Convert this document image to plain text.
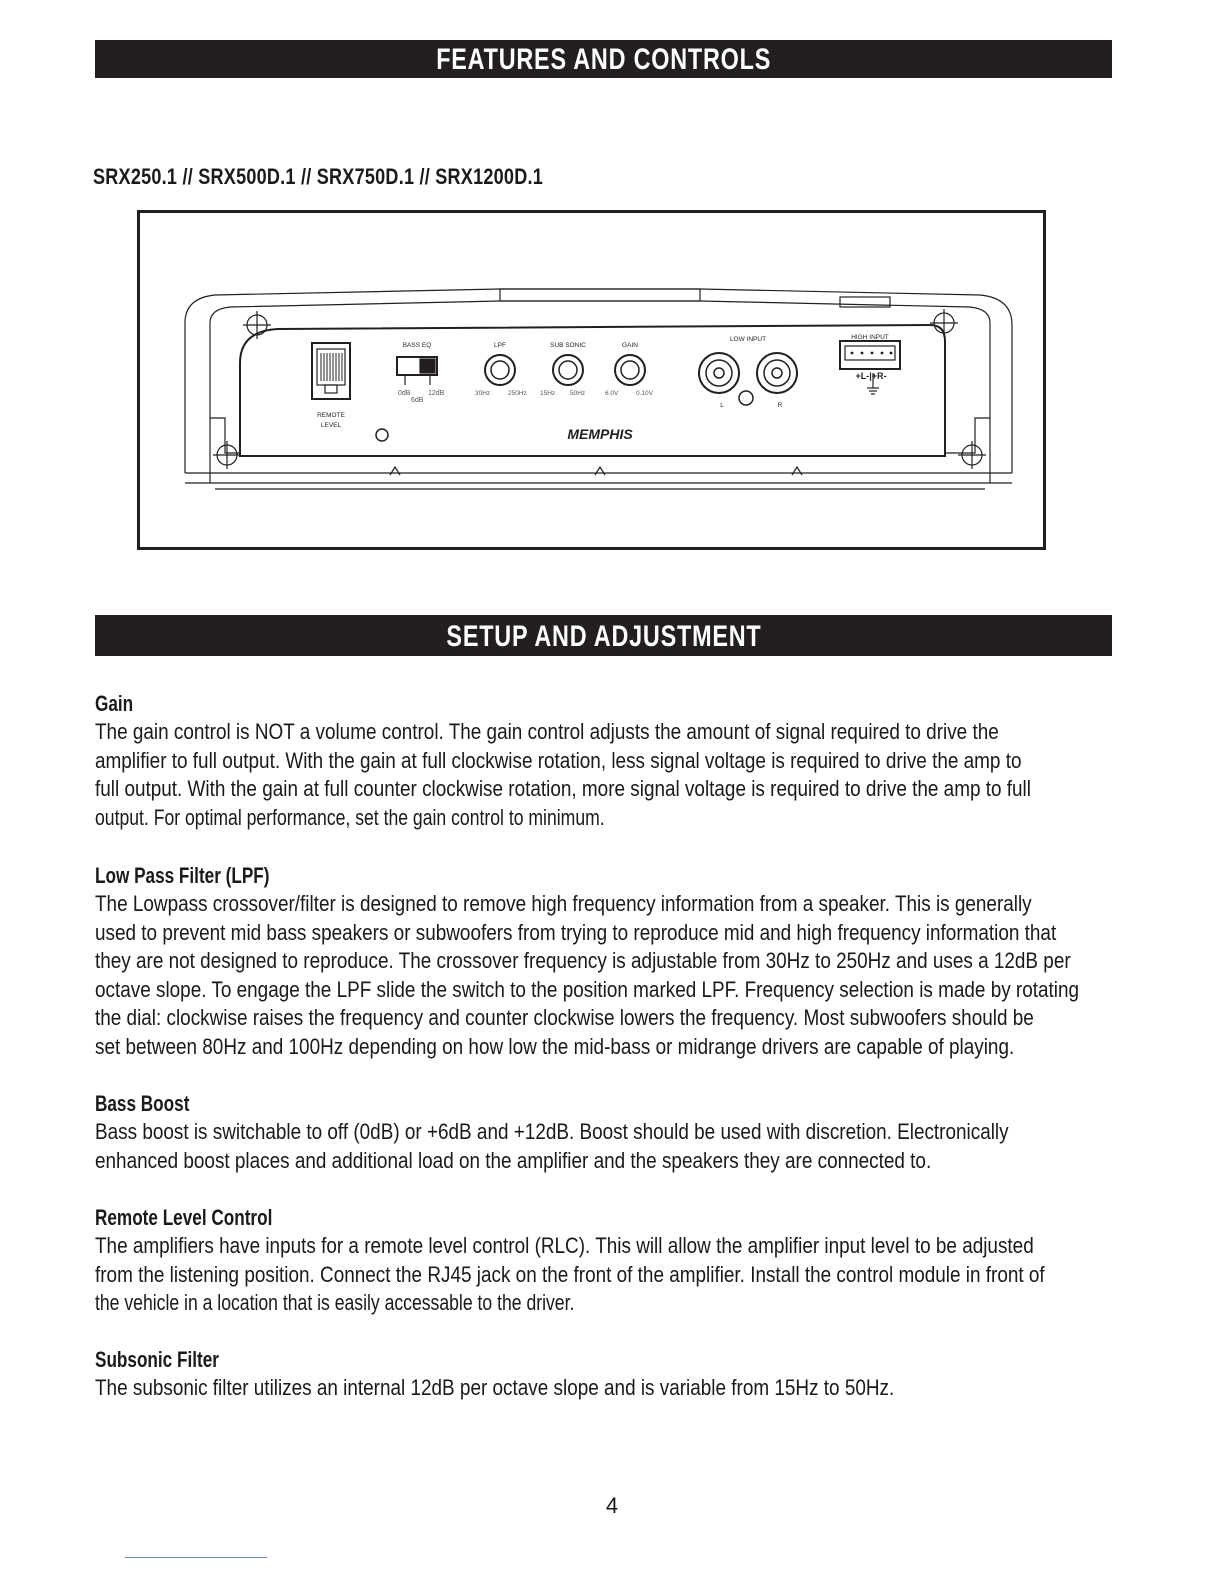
FEATURES AND CONTROLS
SRX250.1 // SRX500D.1 // SRX750D.1 // SRX1200D.1
REMOTE
LEVEL
BASS EQ
0dB
6dB
12dB
LPF
30Hz	250Hz
SUB SONIC
15Hz 50Hz
GAIN
6.0V	0.10V
LOW INPUT
L	R
HIGH INPUT
+L-|+R-
MEMPHIS
SETUP AND ADJUSTMENT
Gain
The gain control is NOT a volume control. The gain control adjusts the amount of signal required to drive the
amplifier to full output. With the gain at full clockwise rotation, less signal voltage is required to drive the amp to
full output. With the gain at full counter clockwise rotation, more signal voltage is required to drive the amp to full
output. For optimal performance, set the gain control to minimum.
Low Pass Filter (LPF)
The Lowpass crossover/filter is designed to remove high frequency information from a speaker. This is generally
used to prevent mid bass speakers or subwoofers from trying to reproduce mid and high frequency information that
they are not designed to reproduce. The crossover frequency is adjustable from 30Hz to 250Hz and uses a 12dB per
octave slope. To engage the LPF slide the switch to the position marked LPF. Frequency selection is made by rotating
the dial: clockwise raises the frequency and counter clockwise lowers the frequency. Most subwoofers should be
set between 80Hz and 100Hz depending on how low the mid-bass or midrange drivers are capable of playing.
Bass Boost
Bass boost is switchable to off (0dB) or +6dB and +12dB. Boost should be used with discretion. Electronically
enhanced boost places and additional load on the amplifier and the speakers they are connected to.
Remote Level Control
The amplifiers have inputs for a remote level control (RLC). This will allow the amplifier input level to be adjusted
from the listening position. Connect the RJ45 jack on the front of the amplifier. Install the control module in front of
the vehicle in a location that is easily accessable to the driver.
Subsonic Filter
The subsonic filter utilizes an internal 12dB per octave slope and is variable from 15Hz to 50Hz.
4
